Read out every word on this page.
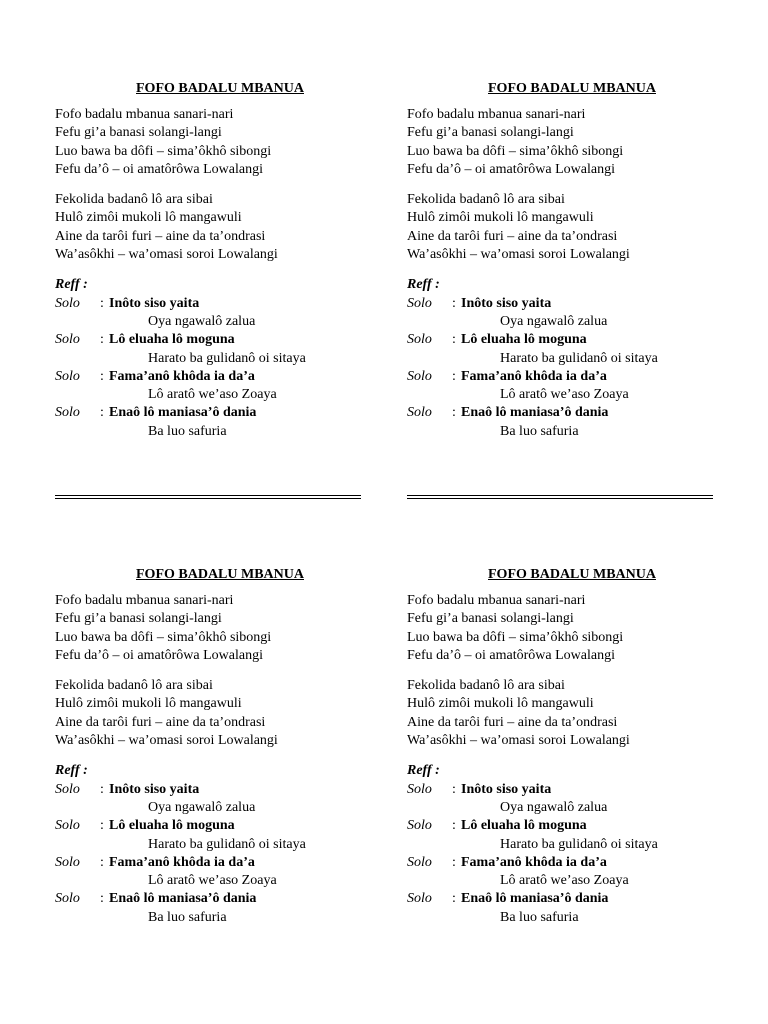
FOFO BADALU MBANUA
Fofo badalu mbanua sanari-nari
Fefu gi’a banasi solangi-langi
Luo bawa ba dôfi – sima’ôkhô sibongi
Fefu da’ô – oi amatôrôwa Lowalangi
Fekolida badanô lô ara sibai
Hulô zimôi mukoli lô mangawuli
Aine da tarôi furi – aine da ta’ondrasi
Wa’asôkhi – wa’omasi soroi Lowalangi
Reff :
Solo : Inôto siso yaita
Oya ngawalô zalua
Solo : Lô eluaha lô moguna
Harato ba gulidanô oi sitaya
Solo : Fama’anô khôda ia da’a
Lô aratô we’aso Zoaya
Solo : Enaô lô maniasa’ô dania
Ba luo safuria
FOFO BADALU MBANUA
Fofo badalu mbanua sanari-nari
Fefu gi’a banasi solangi-langi
Luo bawa ba dôfi – sima’ôkhô sibongi
Fefu da’ô – oi amatôrôwa Lowalangi
Fekolida badanô lô ara sibai
Hulô zimôi mukoli lô mangawuli
Aine da tarôi furi – aine da ta’ondrasi
Wa’asôkhi – wa’omasi soroi Lowalangi
Reff :
Solo : Inôto siso yaita
Oya ngawalô zalua
Solo : Lô eluaha lô moguna
Harato ba gulidanô oi sitaya
Solo : Fama’anô khôda ia da’a
Lô aratô we’aso Zoaya
Solo : Enaô lô maniasa’ô dania
Ba luo safuria
FOFO BADALU MBANUA
Fofo badalu mbanua sanari-nari
Fefu gi’a banasi solangi-langi
Luo bawa ba dôfi – sima’ôkhô sibongi
Fefu da’ô – oi amatôrôwa Lowalangi
Fekolida badanô lô ara sibai
Hulô zimôi mukoli lô mangawuli
Aine da tarôi furi – aine da ta’ondrasi
Wa’asôkhi – wa’omasi soroi Lowalangi
Reff :
Solo : Inôto siso yaita
Oya ngawalô zalua
Solo : Lô eluaha lô moguna
Harato ba gulidanô oi sitaya
Solo : Fama’anô khôda ia da’a
Lô aratô we’aso Zoaya
Solo : Enaô lô maniasa’ô dania
Ba luo safuria
FOFO BADALU MBANUA
Fofo badalu mbanua sanari-nari
Fefu gi’a banasi solangi-langi
Luo bawa ba dôfi – sima’ôkhô sibongi
Fefu da’ô – oi amatôrôwa Lowalangi
Fekolida badanô lô ara sibai
Hulô zimôi mukoli lô mangawuli
Aine da tarôi furi – aine da ta’ondrasi
Wa’asôkhi – wa’omasi soroi Lowalangi
Reff :
Solo : Inôto siso yaita
Oya ngawalô zalua
Solo : Lô eluaha lô moguna
Harato ba gulidanô oi sitaya
Solo : Fama’anô khôda ia da’a
Lô aratô we’aso Zoaya
Solo : Enaô lô maniasa’ô dania
Ba luo safuria
